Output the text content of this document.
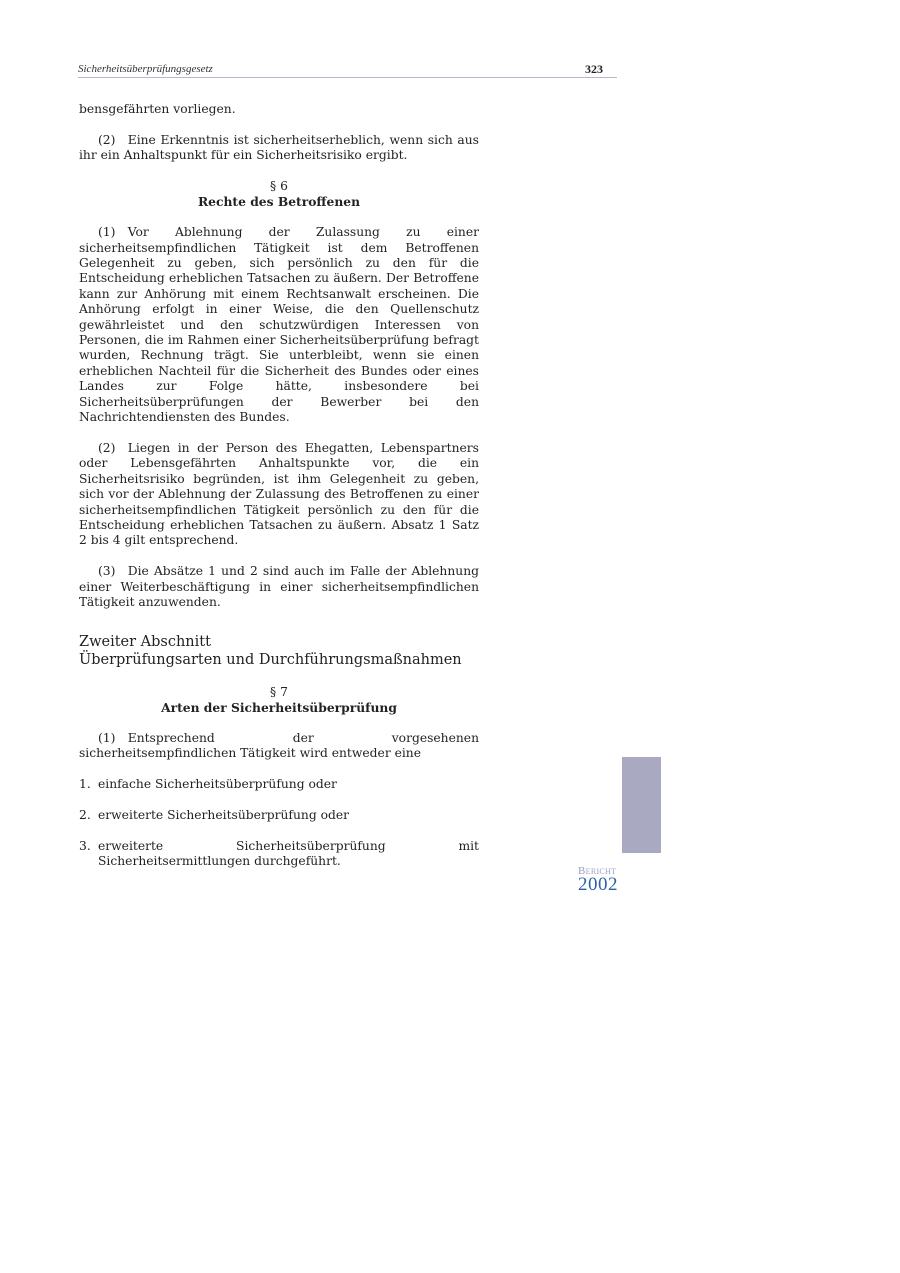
Sicherheitsüberprüfungsgesetz	323

bensgefährten vorliegen.

(2) Eine Erkenntnis ist sicherheitserheblich, wenn sich aus ihr ein Anhaltspunkt für ein Sicherheitsrisiko ergibt.

§ 6

Rechte des Betroffenen

(1) Vor Ablehnung der Zulassung zu einer sicherheitsempfindlichen Tätigkeit ist dem Betroffenen Gelegenheit zu geben, sich persönlich zu den für die Entscheidung erheblichen Tatsachen zu äußern. Der Betroffene kann zur Anhörung mit einem Rechtsanwalt erscheinen. Die Anhörung erfolgt in einer Weise, die den Quellenschutz gewährleistet und den schutzwürdigen Interessen von Personen, die im Rahmen einer Sicherheitsüberprüfung befragt wurden, Rechnung trägt. Sie unterbleibt, wenn sie einen erheblichen Nachteil für die Sicherheit des Bundes oder eines Landes zur Folge hätte, insbesondere bei Sicherheitsüberprüfungen der Bewerber bei den Nachrichtendiensten des Bundes.

(2) Liegen in der Person des Ehegatten, Lebenspartners oder Lebensgefährten Anhaltspunkte vor, die ein Sicherheitsrisiko begründen, ist ihm Gelegenheit zu geben, sich vor der Ablehnung der Zulassung des Betroffenen zu einer sicherheitsempfindlichen Tätigkeit persönlich zu den für die Entscheidung erheblichen Tatsachen zu äußern. Absatz 1 Satz 2 bis 4 gilt entsprechend.

(3) Die Absätze 1 und 2 sind auch im Falle der Ablehnung einer Weiterbeschäftigung in einer sicherheitsempfindlichen Tätigkeit anzuwenden.

Zweiter Abschnitt

Überprüfungsarten und Durchführungsmaßnahmen

§ 7

Arten der Sicherheitsüberprüfung

(1) Entsprechend der vorgesehenen sicherheitsempfindlichen Tätigkeit wird entweder eine

1. einfache Sicherheitsüberprüfung oder
2. erweiterte Sicherheitsüberprüfung oder
3. erweiterte Sicherheitsüberprüfung mit Sicherheitsermittlungen durchgeführt.
Bericht
2002
